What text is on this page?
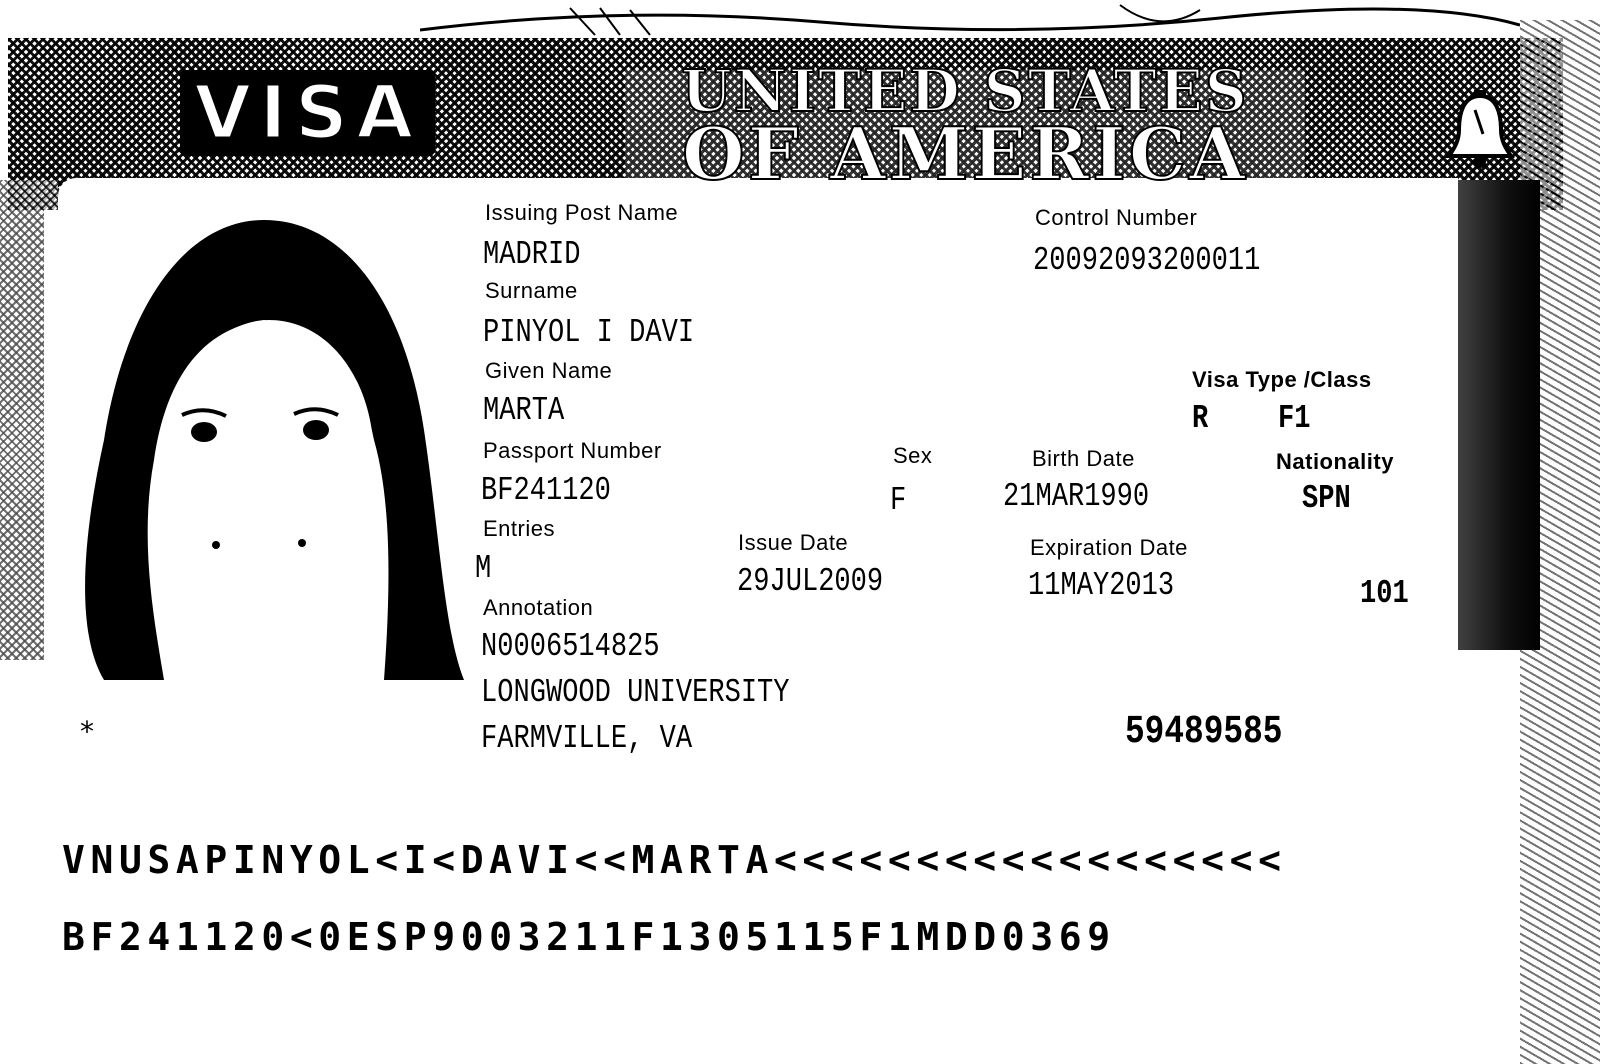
VISA	UNITED STATES
OF AMERICA
*
Issuing Post Name
MADRID
Control Number
20092093200011
Surname
PINYOL I DAVI
Given Name
MARTA
Visa Type /Class
R F1
Passport Number
BF241120
Sex
F
Birth Date
21MAR1990
Nationality
SPN
Entries
M
Issue Date
29JUL2009
Expiration Date
11MAY2013	101
Annotation
N0006514825
LONGWOOD UNIVERSITY
FARMVILLE, VA	59489585
VNUSAPINYOL<I<DAVI<<MARTA<<<<<<<<<<<<<<<<<<
BF241120<0ESP9003211F1305115F1MDD0369
